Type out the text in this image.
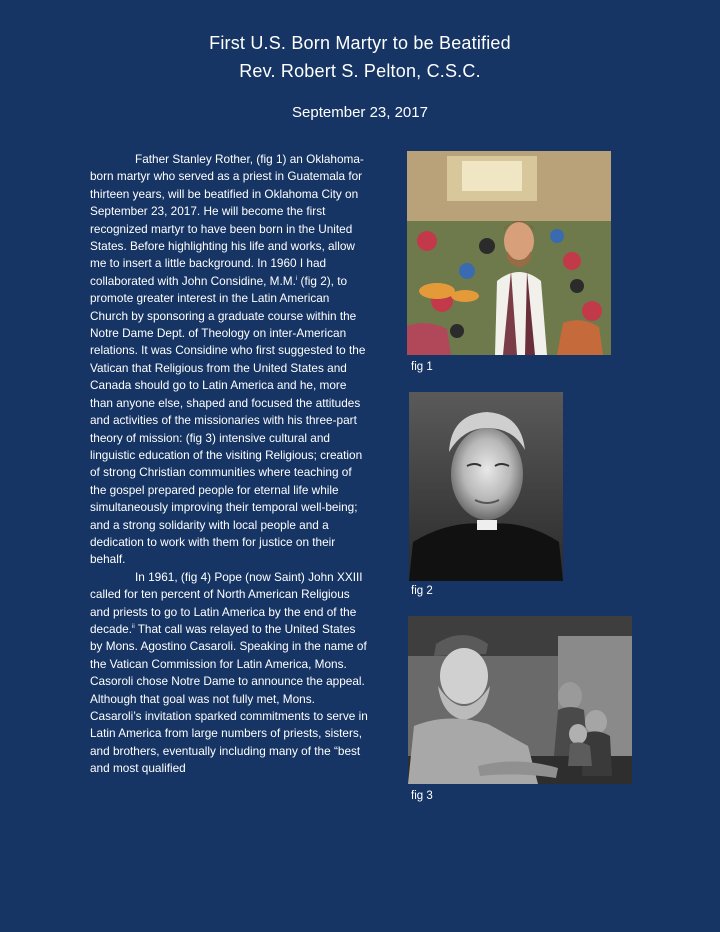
First U.S. Born Martyr to be Beatified
Rev. Robert S. Pelton, C.S.C.
September 23, 2017

Father Stanley Rother, (fig 1) an Oklahoma-born martyr who served as a priest in Guatemala for thirteen years, will be beatified in Oklahoma City on September 23, 2017. He will become the first recognized martyr to have been born in the United States. Before highlighting his life and works, allow me to insert a little background. In 1960 I had collaborated with John Considine, M.M.$^i$ (fig 2), to promote greater interest in the Latin American Church by sponsoring a graduate course within the Notre Dame Dept. of Theology on inter-American relations. It was Considine who first suggested to the Vatican that Religious from the United States and Canada should go to Latin America and he, more than anyone else, shaped and focused the attitudes and activities of the missionaries with his three-part theory of mission: (fig 3) intensive cultural and linguistic education of the visiting Religious; creation of strong Christian communities where teaching of the gospel prepared people for eternal life while simultaneously improving their temporal well-being; and a strong solidarity with local people and a dedication to work with them for justice on their behalf.

In 1961, (fig 4) Pope (now Saint) John XXIII called for ten percent of North American Religious and priests to go to Latin America by the end of the decade.$^{ii}$ That call was relayed to the United States by Mons. Agostino Casaroli. Speaking in the name of the Vatican Commission for Latin America, Mons. Casoroli chose Notre Dame to announce the appeal. Although that goal was not fully met, Mons. Casaroli’s invitation sparked commitments to serve in Latin America from large numbers of priests, sisters, and brothers, eventually including many of the “best and most qualified

fig 1
fig 2
fig 3
